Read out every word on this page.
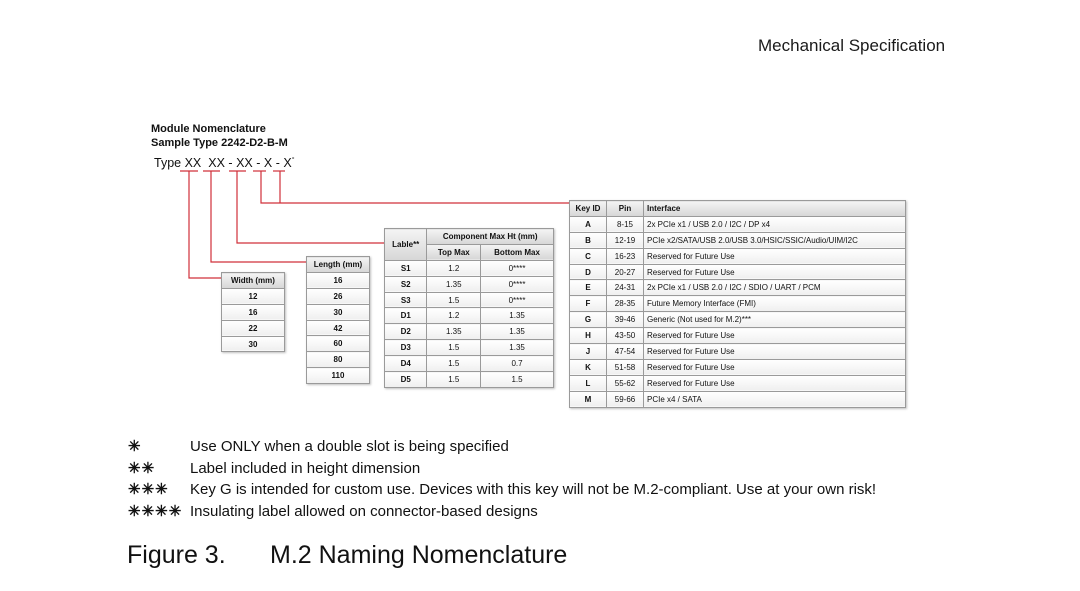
Mechanical Specification
Module Nomenclature
Sample Type 2242-D2-B-M
Type XX XX - XX - X - X°
Width (mm)
12
16
22
30
Length (mm)
16
26
30
42
60
80
110
Lable**	Component Max Ht (mm)	
	Top Max	Bottom Max
S1	1.2	0****
S2	1.35	0****
S3	1.5	0****
D1	1.2	1.35
D2	1.35	1.35
D3	1.5	1.35
D4	1.5	0.7
D5	1.5	1.5
Key ID	Pin	Interface
A	8-15	2x PCIe x1 / USB 2.0 / I2C / DP x4
B	12-19	PCIe x2/SATA/USB 2.0/USB 3.0/HSIC/SSIC/Audio/UIM/I2C
C	16-23	Reserved for Future Use
D	20-27	Reserved for Future Use
E	24-31	2x PCIe x1 / USB 2.0 / I2C / SDIO / UART / PCM
F	28-35	Future Memory Interface (FMI)
G	39-46	Generic (Not used for M.2)***
H	43-50	Reserved for Future Use
J	47-54	Reserved for Future Use
K	51-58	Reserved for Future Use
L	55-62	Reserved for Future Use
M	59-66	PCIe x4 / SATA
✳	Use ONLY when a double slot is being specified
✳✳	Label included in height dimension
✳✳✳	Key G is intended for custom use. Devices with this key will not be M.2-compliant. Use at your own risk!
✳✳✳✳ Insulating label allowed on connector-based designs
Figure 3. M.2 Naming Nomenclature
